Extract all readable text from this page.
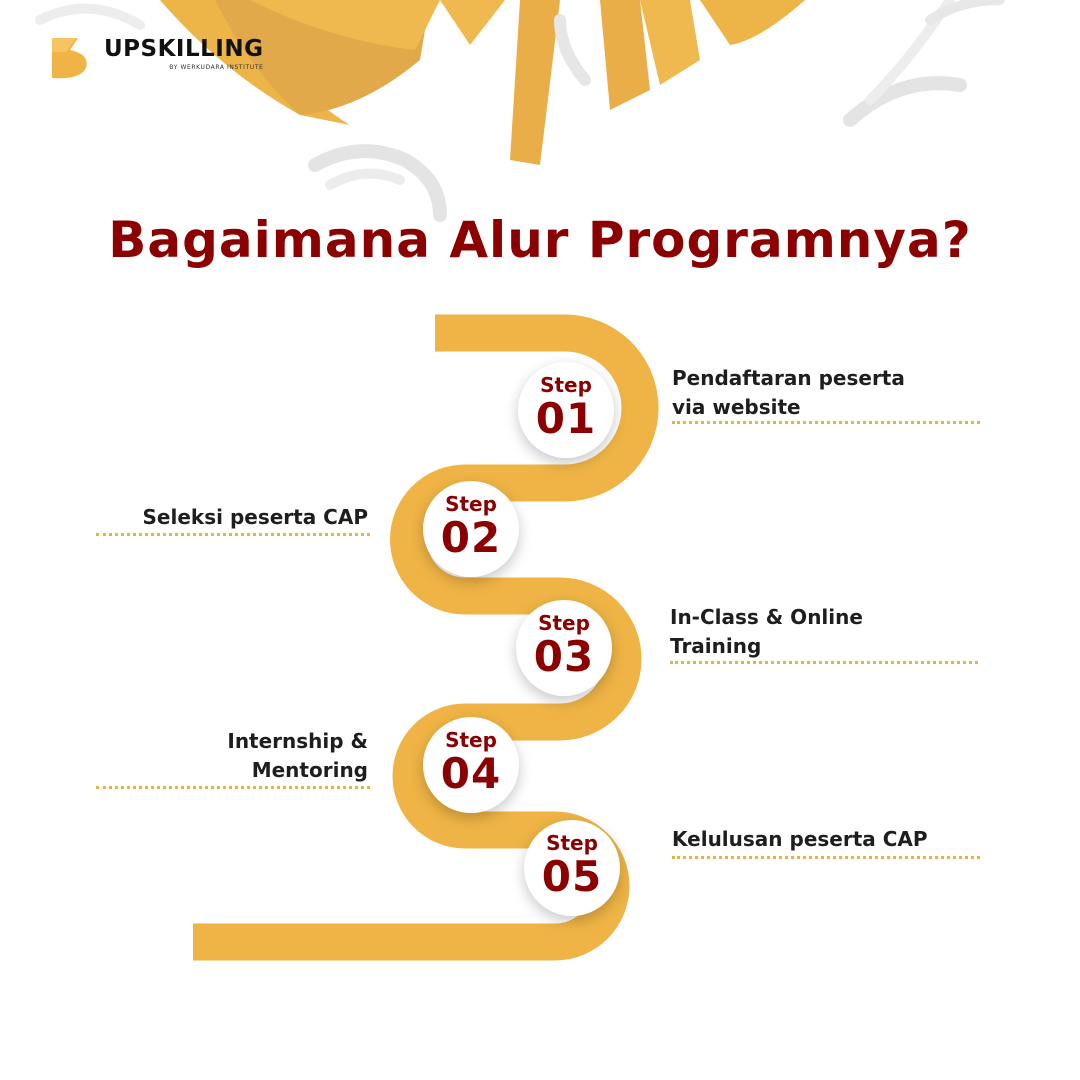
UPSKILLING
BY WERKUDARA INSTITUTE
Bagaimana Alur Programnya?
Step
01
Step
02
Step
03
Step
04
Step
05
Pendaftaran peserta
via website
Seleksi peserta CAP
In-Class & Online
Training
Internship &
Mentoring
Kelulusan peserta CAP
